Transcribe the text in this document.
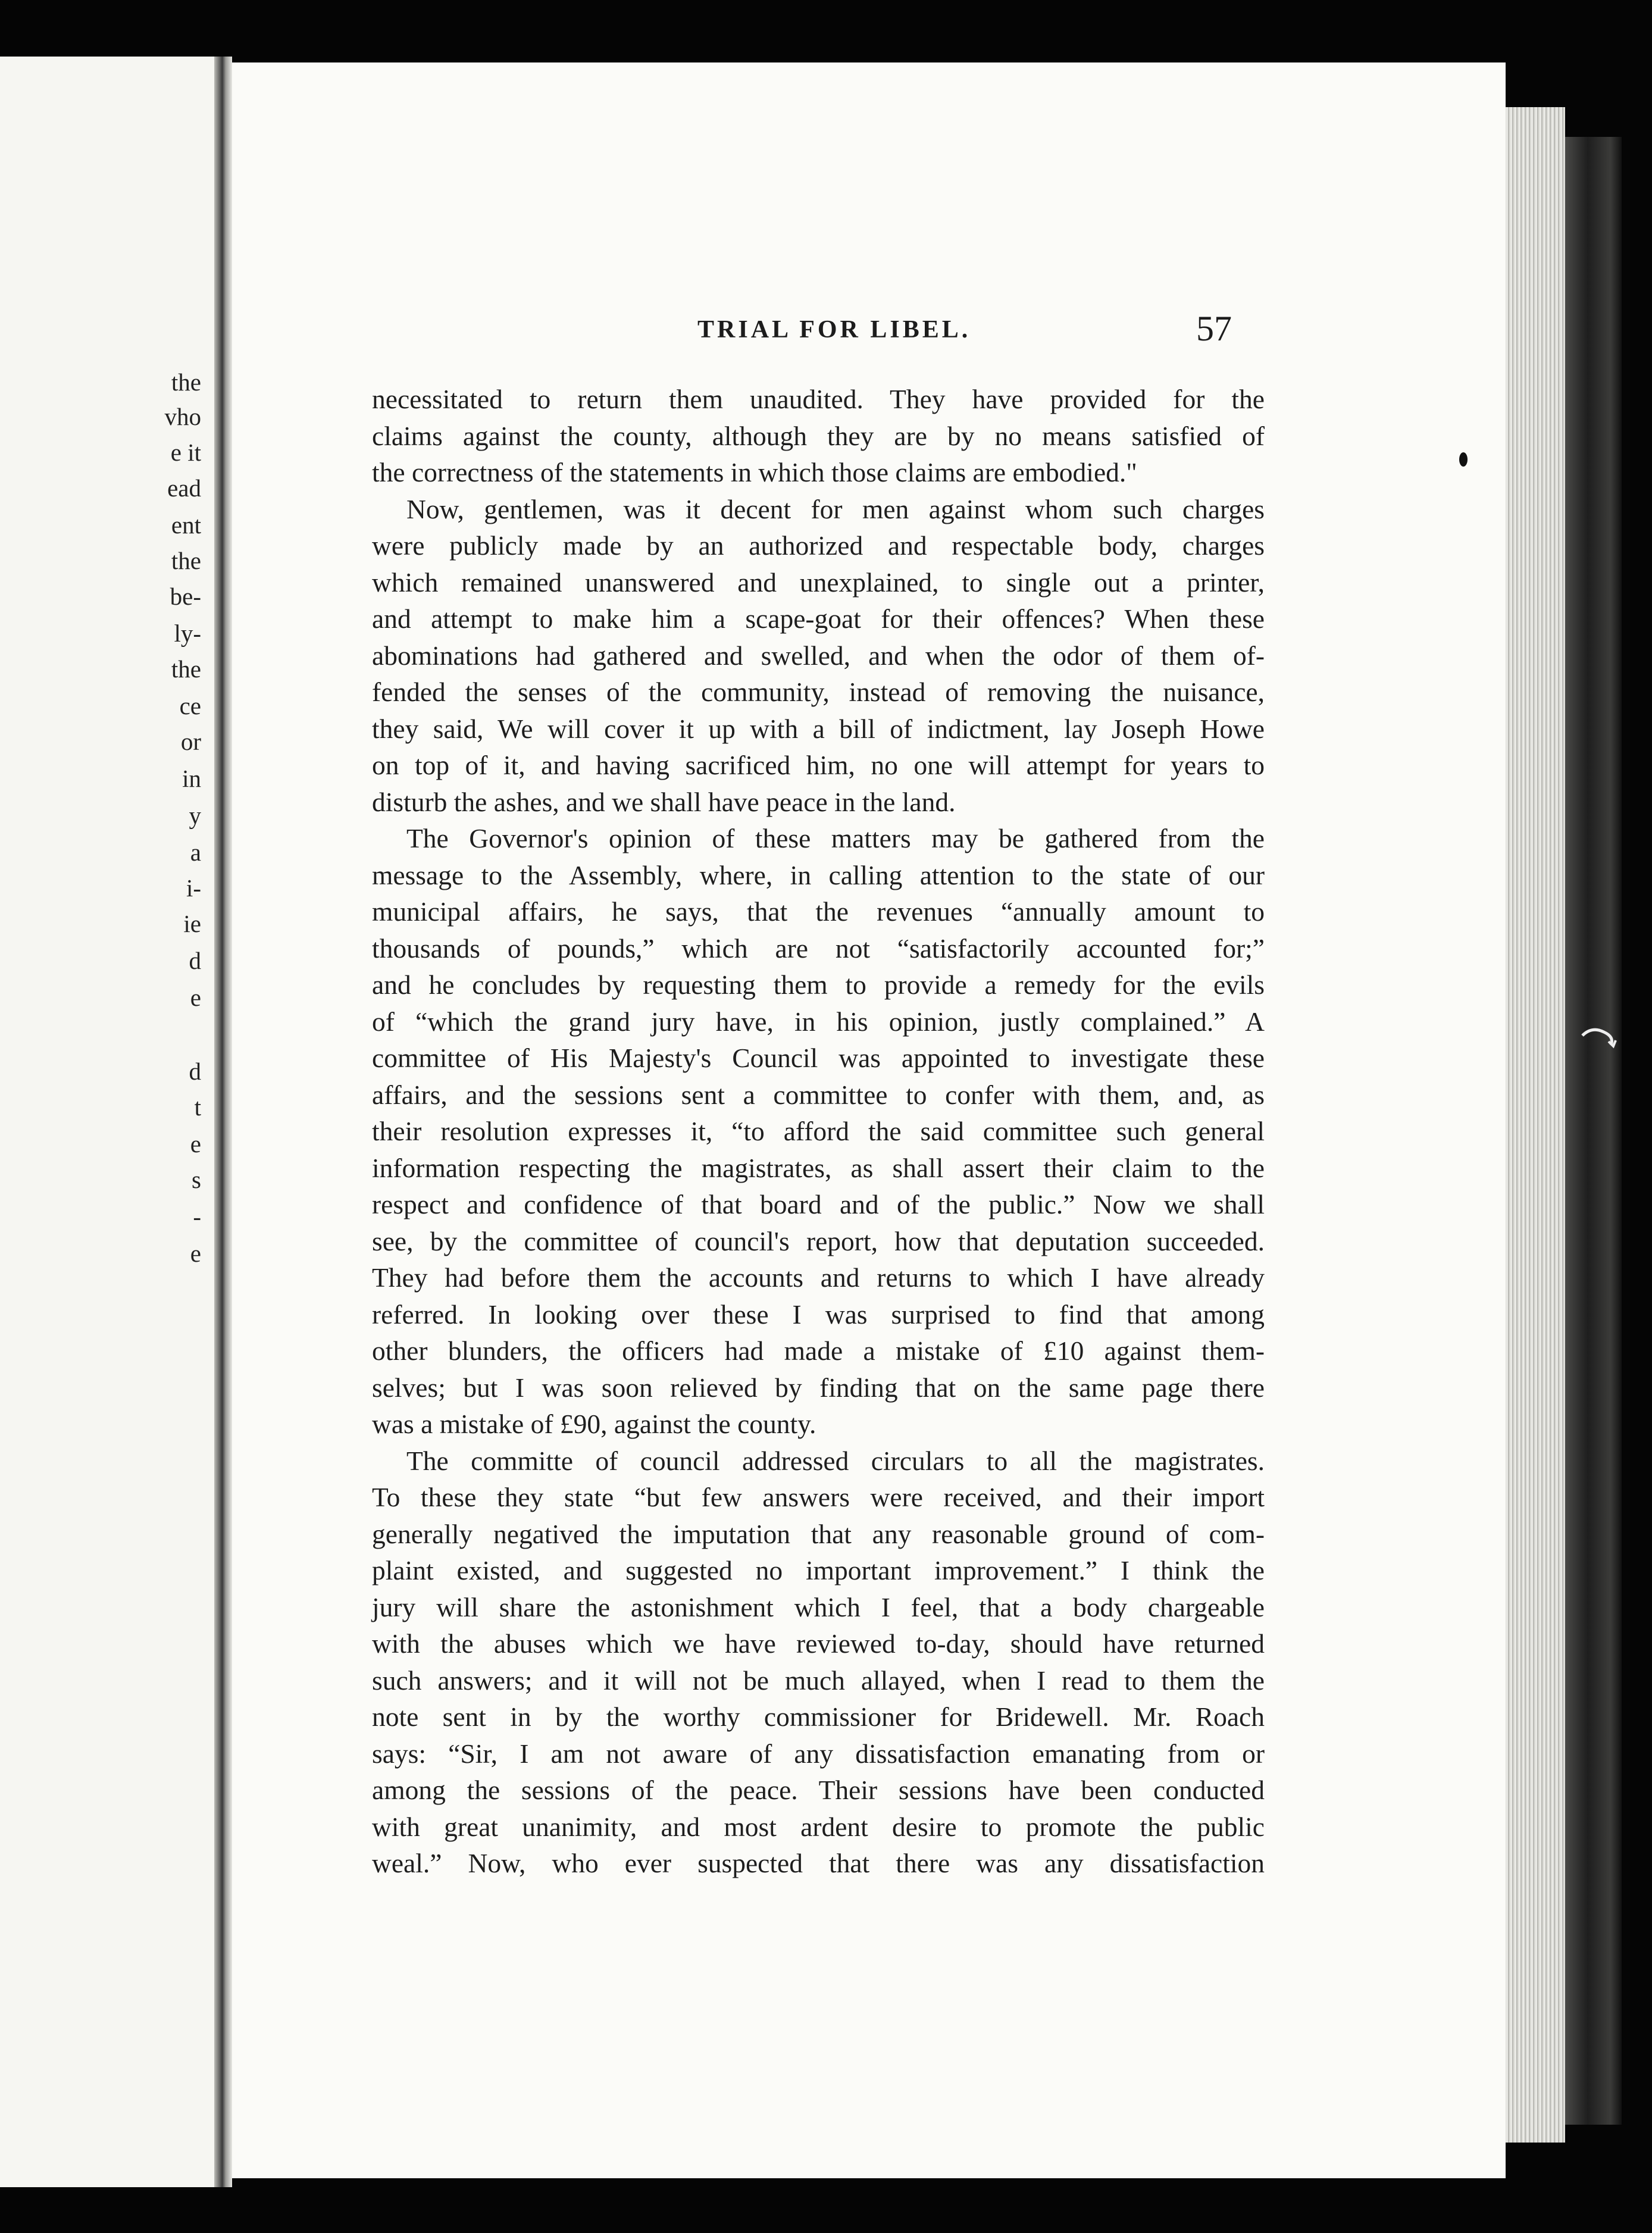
the
vho
e it
ead
ent
the
be-
ly-
the
ce
or
in
y
a
i-
ie
d
e
d
t
e
s
-
e
TRIAL FOR LIBEL.	57
necessitated to return them unaudited. They have provided for the
claims against the county, although they are by no means satisfied of
the correctness of the statements in which those claims are embodied."
Now, gentlemen, was it decent for men against whom such charges
were publicly made by an authorized and respectable body, charges
which remained unanswered and unexplained, to single out a printer,
and attempt to make him a scape-goat for their offences? When these
abominations had gathered and swelled, and when the odor of them of-
fended the senses of the community, instead of removing the nuisance,
they said, We will cover it up with a bill of indictment, lay Joseph Howe
on top of it, and having sacrificed him, no one will attempt for years to
disturb the ashes, and we shall have peace in the land.
The Governor's opinion of these matters may be gathered from the
message to the Assembly, where, in calling attention to the state of our
municipal affairs, he says, that the revenues “annually amount to
thousands of pounds,” which are not “satisfactorily accounted for;”
and he concludes by requesting them to provide a remedy for the evils
of “which the grand jury have, in his opinion, justly complained.” A
committee of His Majesty's Council was appointed to investigate these
affairs, and the sessions sent a committee to confer with them, and, as
their resolution expresses it, “to afford the said committee such general
information respecting the magistrates, as shall assert their claim to the
respect and confidence of that board and of the public.” Now we shall
see, by the committee of council's report, how that deputation succeeded.
They had before them the accounts and returns to which I have already
referred. In looking over these I was surprised to find that among
other blunders, the officers had made a mistake of £10 against them-
selves; but I was soon relieved by finding that on the same page there
was a mistake of £90, against the county.
The committe of council addressed circulars to all the magistrates.
To these they state “but few answers were received, and their import
generally negatived the imputation that any reasonable ground of com-
plaint existed, and suggested no important improvement.” I think the
jury will share the astonishment which I feel, that a body chargeable
with the abuses which we have reviewed to-day, should have returned
such answers; and it will not be much allayed, when I read to them the
note sent in by the worthy commissioner for Bridewell. Mr. Roach
says: “Sir, I am not aware of any dissatisfaction emanating from or
among the sessions of the peace. Their sessions have been conducted
with great unanimity, and most ardent desire to promote the public
weal.” Now, who ever suspected that there was any dissatisfaction
